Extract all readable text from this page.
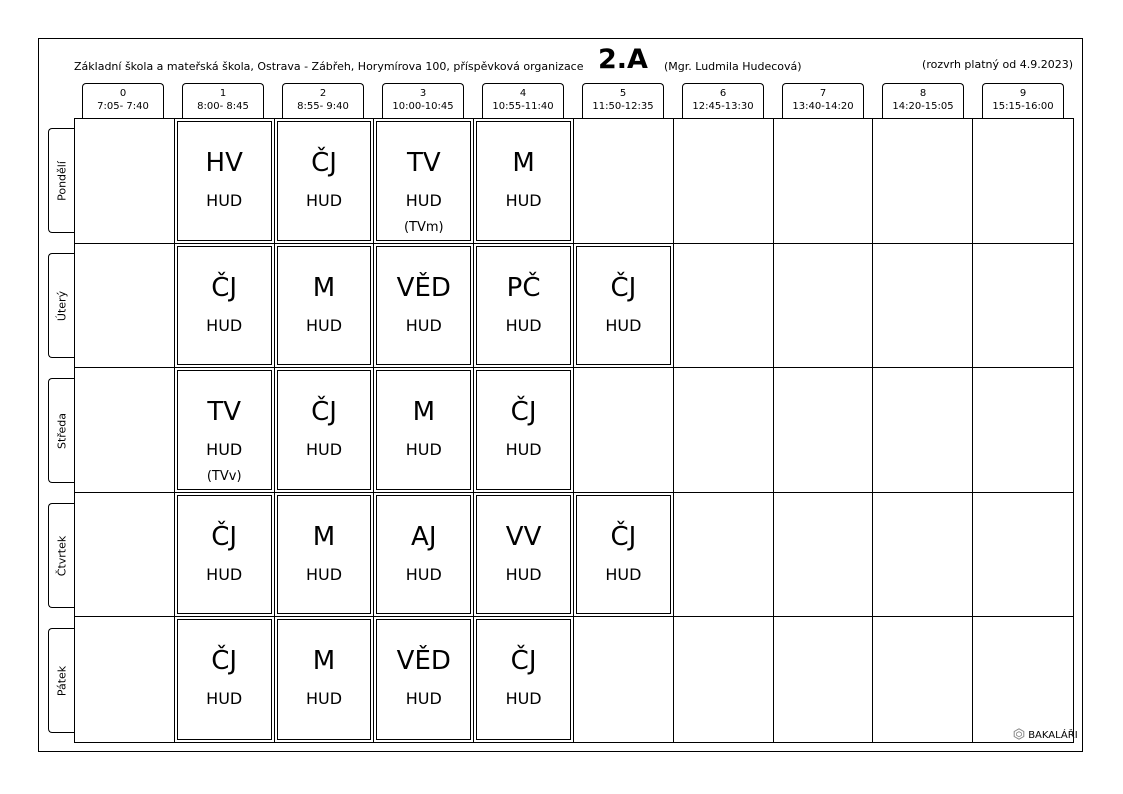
Základní škola a mateřská škola, Ostrava - Zábřeh, Horymírova 100, příspěvková organizace 2.A (Mgr. Ludmila Hudecová)	(rozvrh platný od 4.9.2023)
0
7:05- 7:40
1
8:00- 8:45
2
8:55- 9:40
3
10:00-10:45
4
10:55-11:40
5
11:50-12:35
6
12:45-13:30
7
13:40-14:20
8
14:20-15:05
9
15:15-16:00
Pondělí
Úterý
Středa
Čtvrtek
Pátek
HV
HUD
ČJ
HUD
TV
HUD
(TVm)
M
HUD
ČJ
HUD
M
HUD
VĚD
HUD
PČ
HUD
ČJ
HUD
TV
HUD
(TVv)
ČJ
HUD
M
HUD
ČJ
HUD
ČJ
HUD
M
HUD
AJ
HUD
VV
HUD
ČJ
HUD
ČJ
HUD
M
HUD
VĚD
HUD
ČJ
HUD
BAKALÁŘI
